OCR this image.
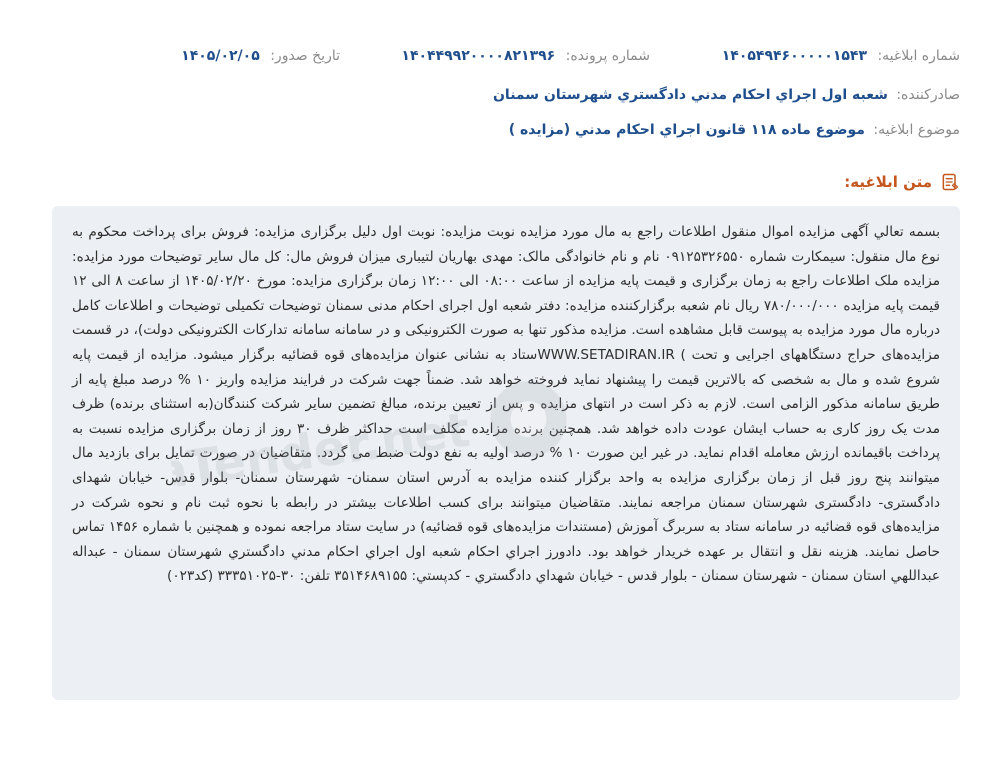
شماره ابلاغیه: ۱۴۰۵۴۹۴۶۰۰۰۰۰۱۵۴۳
شماره پرونده: ۱۴۰۴۴۹۹۲۰۰۰۰۸۲۱۳۹۶
تاریخ صدور: ۱۴۰۵/۰۲/۰۵
صادرکننده: شعبه اول اجراي احكام مدني دادگستري شهرستان سمنان
موضوع ابلاغیه: موضوع ماده ۱۱۸ قانون اجراي احكام مدني (مزايده )
متن ابلاغیه:
بسمه تعالي آگهی مزایده اموال منقول اطلاعات راجع به مال مورد مزایده نوبت مزایده: نوبت اول دلیل برگزاری مزایده: فروش برای پرداخت محکوم به نوع مال منقول: سیمکارت شماره ۰۹۱۲۵۳۲۶۵۵۰ نام و نام خانوادگی مالک: مهدی بهاریان لتیباری میزان فروش مال: کل مال سایر توضیحات مورد مزایده: مزایده ملک اطلاعات راجع به زمان برگزاری و قیمت پایه مزایده از ساعت ۰۸:۰۰ الی ۱۲:۰۰ زمان برگزاری مزایده: مورخ ۱۴۰۵/۰۲/۲۰ از ساعت ۸ الی ۱۲ قیمت پایه مزایده ۷۸۰/۰۰۰/۰۰۰ ریال نام شعبه برگزارکننده مزایده: دفتر شعبه اول اجرای احکام مدنی سمنان توضیحات تکمیلی توضیحات و اطلاعات کامل درباره مال مورد مزایده به پیوست قابل مشاهده است. مزایده مذکور تنها به صورت الکترونیکی و در سامانه سامانه تدارکات الکترونیکی دولت)، در قسمت مزایده‌های حراج دستگاههای اجرایی و تحت ) WWW.SETADIRAN.IRستاد به نشانی عنوان مزایده‌های قوه قضائیه برگزار میشود. مزایده از قیمت پایه شروع شده و مال به شخصی که بالاترین قیمت را پیشنهاد نماید فروخته خواهد شد. ضمناً جهت شرکت در فرایند مزایده واریز ۱۰ % درصد مبلغ پایه از طریق سامانه مذکور الزامی است. لازم به ذکر است در انتهای مزایده و پس از تعیین برنده، مبالغ تضمین سایر شرکت کنندگان(به استثنای برنده) ظرف مدت یک روز کاری به حساب ایشان عودت داده خواهد شد. همچنین برنده مزایده مکلف است حداکثر ظرف ۳۰ روز از زمان برگزاری مزایده نسبت به پرداخت باقیمانده ارزش معامله اقدام نماید. در غیر این صورت ۱۰ % درصد اولیه به نفع دولت ضبط می گردد. متقاضیان در صورت تمایل برای بازدید مال میتوانند پنج روز قبل از زمان برگزاری مزایده به واحد برگزار کننده مزایده به آدرس استان سمنان- شهرستان سمنان- بلوار قدس- خیابان شهدای دادگستری- دادگستری شهرستان سمنان مراجعه نمایند. متقاضیان میتوانند برای کسب اطلاعات بیشتر در رابطه با نحوه ثبت نام و نحوه شرکت در مزایده‌های قوه قضائیه در سامانه ستاد به سربرگ آموزش (مستندات مزایده‌های قوه قضائیه) در سایت ستاد مراجعه نموده و همچنین با شماره ۱۴۵۶ تماس حاصل نمایند. هزینه نقل و انتقال بر عهده خریدار خواهد بود. دادورز اجراي احكام شعبه اول اجراي احكام مدني دادگستري شهرستان سمنان - عبداله عبداللهي استان سمنان - شهرستان سمنان - بلوار قدس - خيابان شهداي دادگستري - كدپستي: ۳۵۱۴۶۸۹۱۵۵ تلفن: ۳۰-۳۳۳۵۱۰۲۵ (كد۰۲۳)
